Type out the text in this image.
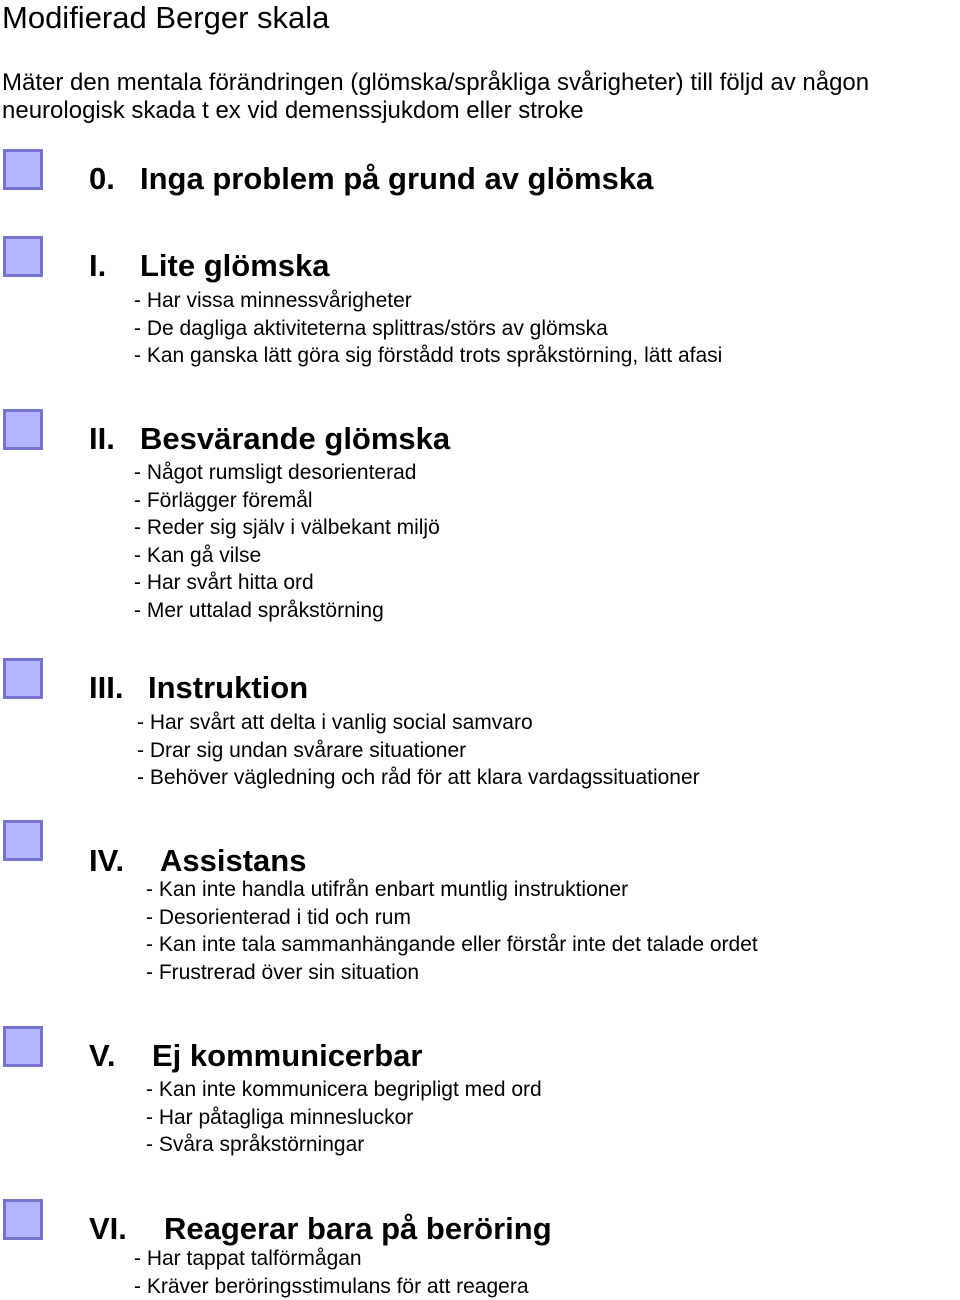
Modifierad Berger skala
Mäter den mentala förändringen (glömska/språkliga svårigheter) till följd av någon neurologisk skada t ex vid demenssjukdom eller stroke
0. Inga problem på grund av glömska
I. Lite glömska
- Har vissa minnessvårigheter
- De dagliga aktiviteterna splittras/störs av glömska
- Kan ganska lätt göra sig förstådd trots språkstörning, lätt afasi
II. Besvärande glömska
- Något rumsligt desorienterad
- Förlägger föremål
- Reder sig själv i välbekant miljö
- Kan gå vilse
- Har svårt hitta ord
- Mer uttalad språkstörning
III. Instruktion
- Har svårt att delta i vanlig social samvaro
- Drar sig undan svårare situationer
- Behöver vägledning och råd för att klara vardagssituationer
IV. Assistans
- Kan inte handla utifrån enbart muntlig instruktioner
- Desorienterad i tid och rum
- Kan inte tala sammanhängande eller förstår inte det talade ordet
- Frustrerad över sin situation
V. Ej kommunicerbar
- Kan inte kommunicera begripligt med ord
- Har påtagliga minnesluckor
- Svåra språkstörningar
VI. Reagerar bara på beröring
- Har tappat talförmågan
- Kräver beröringsstimulans för att reagera
